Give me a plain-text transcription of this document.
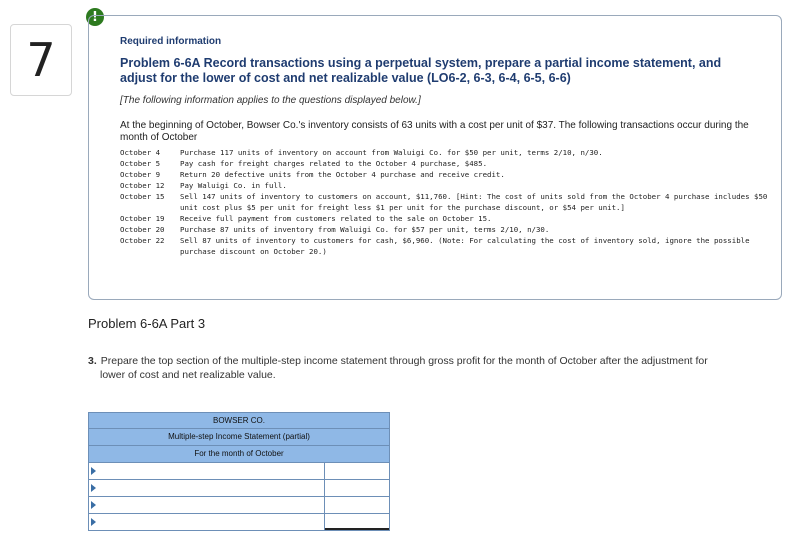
7
!
Required information
Problem 6-6A Record transactions using a perpetual system, prepare a partial income statement, and adjust for the lower of cost and net realizable value (LO6-2, 6-3, 6-4, 6-5, 6-6)
[The following information applies to the questions displayed below.]
At the beginning of October, Bowser Co.'s inventory consists of 63 units with a cost per unit of $37. The following transactions occur during the month of October
October 4	Purchase 117 units of inventory on account from Waluigi Co. for $50 per unit, terms 2/10, n/30.
October 5	Pay cash for freight charges related to the October 4 purchase, $485.
October 9	Return 20 defective units from the October 4 purchase and receive credit.
October 12	Pay Waluigi Co. in full.
October 15	Sell 147 units of inventory to customers on account, $11,760. [Hint: The cost of units sold from the October 4 purchase includes $50 unit cost plus $5 per unit for freight less $1 per unit for the purchase discount, or $54 per unit.]
October 19	Receive full payment from customers related to the sale on October 15.
October 20	Purchase 87 units of inventory from Waluigi Co. for $57 per unit, terms 2/10, n/30.
October 22	Sell 87 units of inventory to customers for cash, $6,960. (Note: For calculating the cost of inventory sold, ignore the possible purchase discount on October 20.)
Problem 6-6A Part 3
3. Prepare the top section of the multiple-step income statement through gross profit for the month of October after the adjustment for
lower of cost and net realizable value.
BOWSER CO.
Multiple-step Income Statement (partial)
For the month of October
